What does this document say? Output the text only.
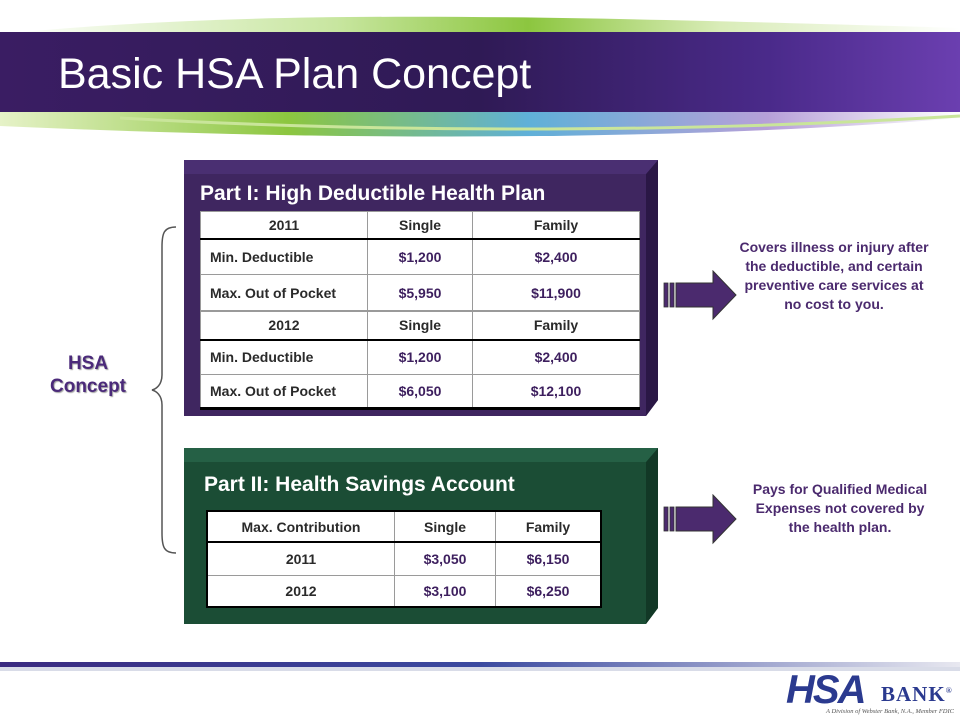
Basic HSA Plan Concept
HSA
Concept
Part I: High Deductible Health Plan
2011	Single	Family
Min. Deductible	$1,200	$2,400
Max. Out of Pocket	$5,950	$11,900
2012	Single	Family
Min. Deductible	$1,200	$2,400
Max. Out of Pocket	$6,050	$12,100
Part II: Health Savings Account
Max. Contribution	Single	Family
2011	$3,050	$6,150
2012	$3,100	$6,250
Covers illness or injury after the deductible, and certain preventive care services at no cost to you.
Pays for Qualified Medical Expenses not covered by the health plan.
HSA BANK®
A Division of Webster Bank, N.A., Member FDIC
